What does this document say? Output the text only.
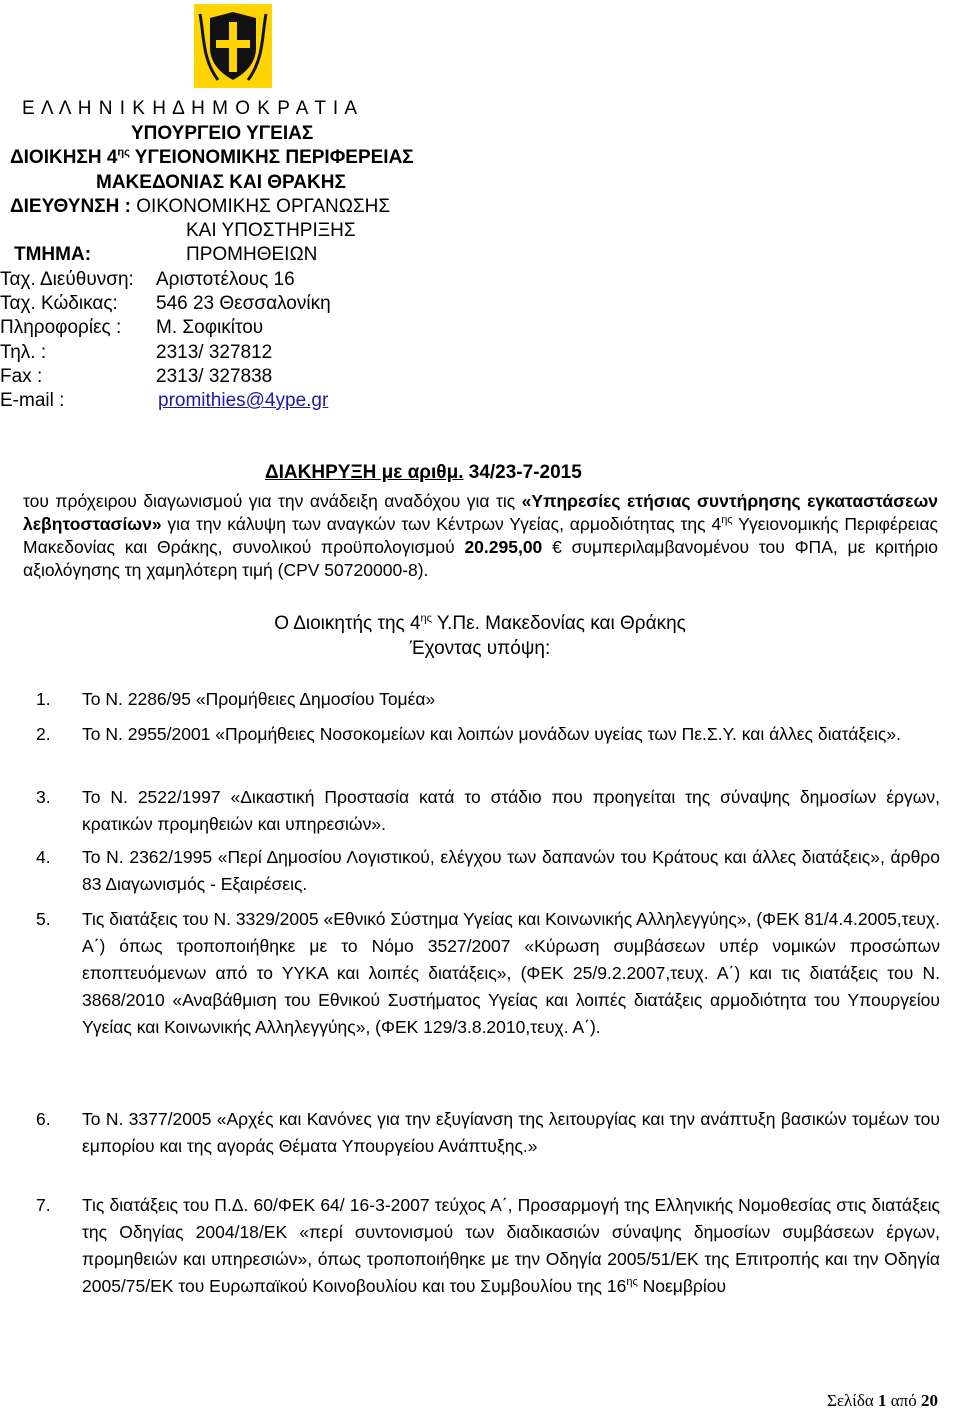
Ε Λ Λ Η Ν Ι Κ Η Δ Η Μ Ο Κ Ρ Α Τ Ι Α
ΥΠΟΥΡΓΕΙΟ ΥΓΕΙΑΣ
ΔΙΟΙΚΗΣΗ $4^{\eta\varsigma}$ ΥΓΕΙΟΝΟΜΙΚΗΣ ΠΕΡΙΦΕΡΕΙΑΣ
ΜΑΚΕΔΟΝΙΑΣ ΚΑΙ ΘΡΑΚΗΣ
ΔΙΕΥΘΥΝΣΗ : ΟΙΚΟΝΟΜΙΚΗΣ ΟΡΓΑΝΩΣΗΣ
ΚΑΙ ΥΠΟΣΤΗΡΙΞΗΣ
ΤΜΗΜΑ:	ΠΡΟΜΗΘΕΙΩΝ
Ταχ. Διεύθυνση: Αριστοτέλους 16
Ταχ. Κώδικας: 546 23 Θεσσαλονίκη
Πληροφορίες : Μ. Σοφικίτου
Τηλ. :	2313/ 327812
Fax :	2313/ 327838
E-mail :	promithies@4ype.gr
ΔΙΑΚΗΡΥΞΗ με αριθμ. 34/23-7-2015
του πρόχειρου διαγωνισμού για την ανάδειξη αναδόχου για τις «Υπηρεσίες ετήσιας συντήρησης εγκαταστάσεων λεβητοστασίων» για την κάλυψη των αναγκών των Κέντρων Υγείας, αρμοδιότητας της $4^{\eta\varsigma}$ Υγειονομικής Περιφέρειας Μακεδονίας και Θράκης, συνολικού προϋπολογισμού 20.295,00 € συμπεριλαμβανομένου του ΦΠΑ, με κριτήριο αξιολόγησης τη χαμηλότερη τιμή (CPV 50720000-8).
Ο Διοικητής της $4^{\eta\varsigma}$ Υ.Πε. Μακεδονίας και Θράκης
Έχοντας υπόψη:
1.	Το Ν. 2286/95 «Προμήθειες Δημοσίου Τομέα»
2.	Το Ν. 2955/2001 «Προμήθειες Νοσοκομείων και λοιπών μονάδων υγείας των Πε.Σ.Υ. και άλλες διατάξεις».
3.	Το Ν. 2522/1997 «Δικαστική Προστασία κατά το στάδιο που προηγείται της σύναψης δημοσίων έργων, κρατικών προμηθειών και υπηρεσιών».
4.	Το Ν. 2362/1995 «Περί Δημοσίου Λογιστικού, ελέγχου των δαπανών του Κράτους και άλλες διατάξεις», άρθρο 83 Διαγωνισμός - Εξαιρέσεις.
5.	Τις διατάξεις του Ν. 3329/2005 «Εθνικό Σύστημα Υγείας και Κοινωνικής Αλληλεγγύης», (ΦΕΚ 81/4.4.2005,τευχ. Α΄) όπως τροποποιήθηκε με το Νόμο 3527/2007 «Κύρωση συμβάσεων υπέρ νομικών προσώπων εποπτευόμενων από το ΥΥΚΑ και λοιπές διατάξεις», (ΦΕΚ 25/9.2.2007,τευχ. Α΄) και τις διατάξεις του Ν. 3868/2010 «Αναβάθμιση του Εθνικού Συστήματος Υγείας και λοιπές διατάξεις αρμοδιότητα του Υπουργείου Υγείας και Κοινωνικής Αλληλεγγύης», (ΦΕΚ 129/3.8.2010,τευχ. Α΄).
6.	Το Ν. 3377/2005 «Αρχές και Κανόνες για την εξυγίανση της λειτουργίας και την ανάπτυξη βασικών τομέων του εμπορίου και της αγοράς Θέματα Υπουργείου Ανάπτυξης.»
7.	Τις διατάξεις του Π.Δ. 60/ΦΕΚ 64/ 16-3-2007 τεύχος Α΄, Προσαρμογή της Ελληνικής Νομοθεσίας στις διατάξεις της Οδηγίας 2004/18/ΕΚ «περί συντονισμού των διαδικασιών σύναψης δημοσίων συμβάσεων έργων, προμηθειών και υπηρεσιών», όπως τροποποιήθηκε με την Οδηγία 2005/51/ΕΚ της Επιτροπής και την Οδηγία 2005/75/ΕΚ του Ευρωπαϊκού Κοινοβουλίου και του Συμβουλίου της $16^{\eta\varsigma}$ Νοεμβρίου
Σελίδα 1 από 20
